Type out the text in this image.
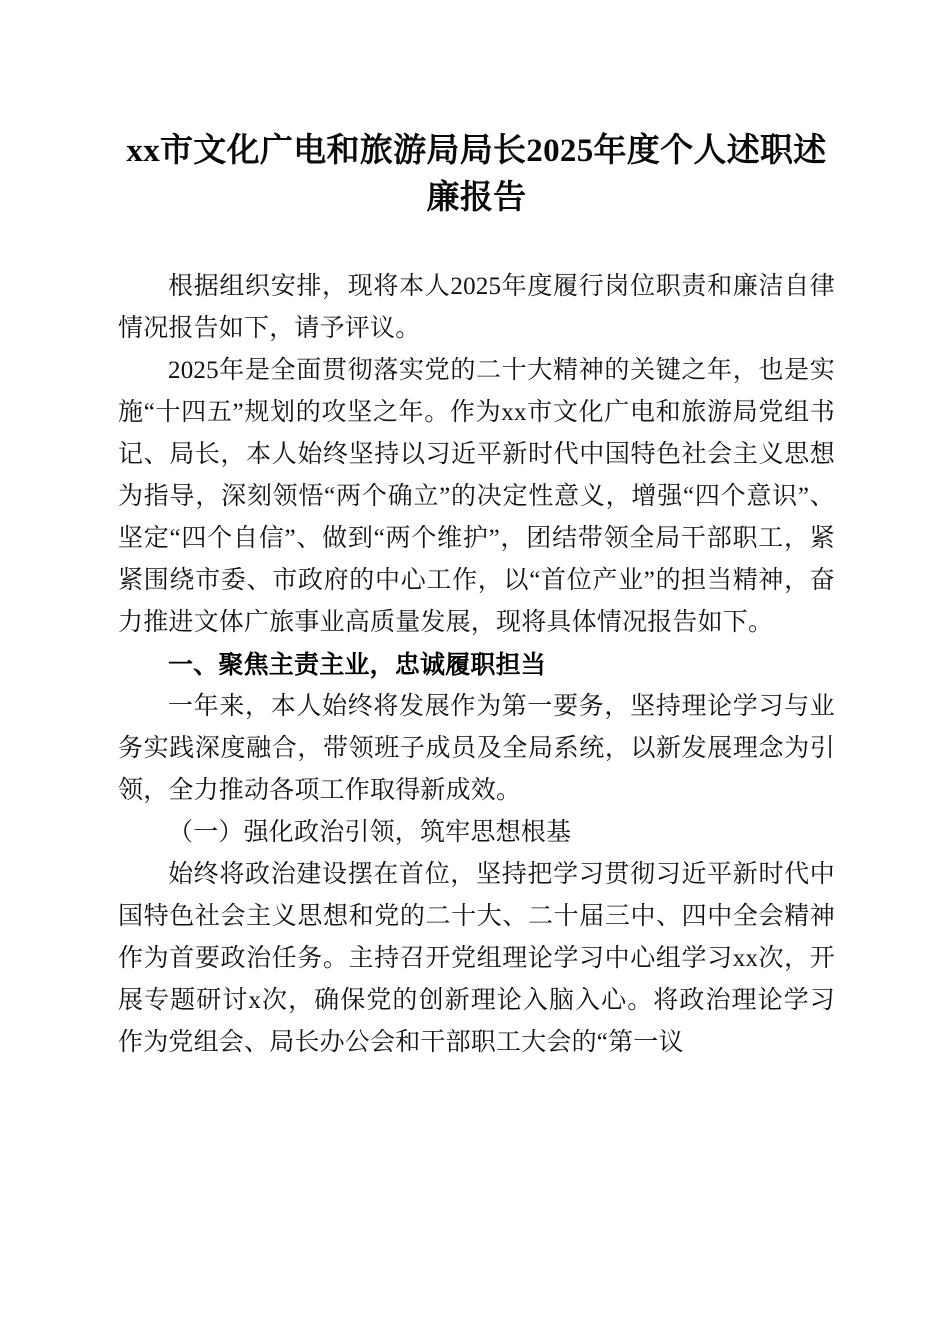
xx市文化广电和旅游局局长2025年度个人述职述廉报告

根据组织安排，现将本人2025年度履行岗位职责和廉洁自律情况报告如下，请予评议。

2025年是全面贯彻落实党的二十大精神的关键之年，也是实施“十四五”规划的攻坚之年。作为xx市文化广电和旅游局党组书记、局长，本人始终坚持以习近平新时代中国特色社会主义思想为指导，深刻领悟“两个确立”的决定性意义，增强“四个意识”、坚定“四个自信”、做到“两个维护”，团结带领全局干部职工，紧紧围绕市委、市政府的中心工作，以“首位产业”的担当精神，奋力推进文体广旅事业高质量发展，现将具体情况报告如下。

一、聚焦主责主业，忠诚履职担当

一年来，本人始终将发展作为第一要务，坚持理论学习与业务实践深度融合，带领班子成员及全局系统，以新发展理念为引领，全力推动各项工作取得新成效。

（一）强化政治引领，筑牢思想根基

始终将政治建设摆在首位，坚持把学习贯彻习近平新时代中国特色社会主义思想和党的二十大、二十届三中、四中全会精神作为首要政治任务。主持召开党组理论学习中心组学习xx次，开展专题研讨x次，确保党的创新理论入脑入心。将政治理论学习作为党组会、局长办公会和干部职工大会的“第一议
